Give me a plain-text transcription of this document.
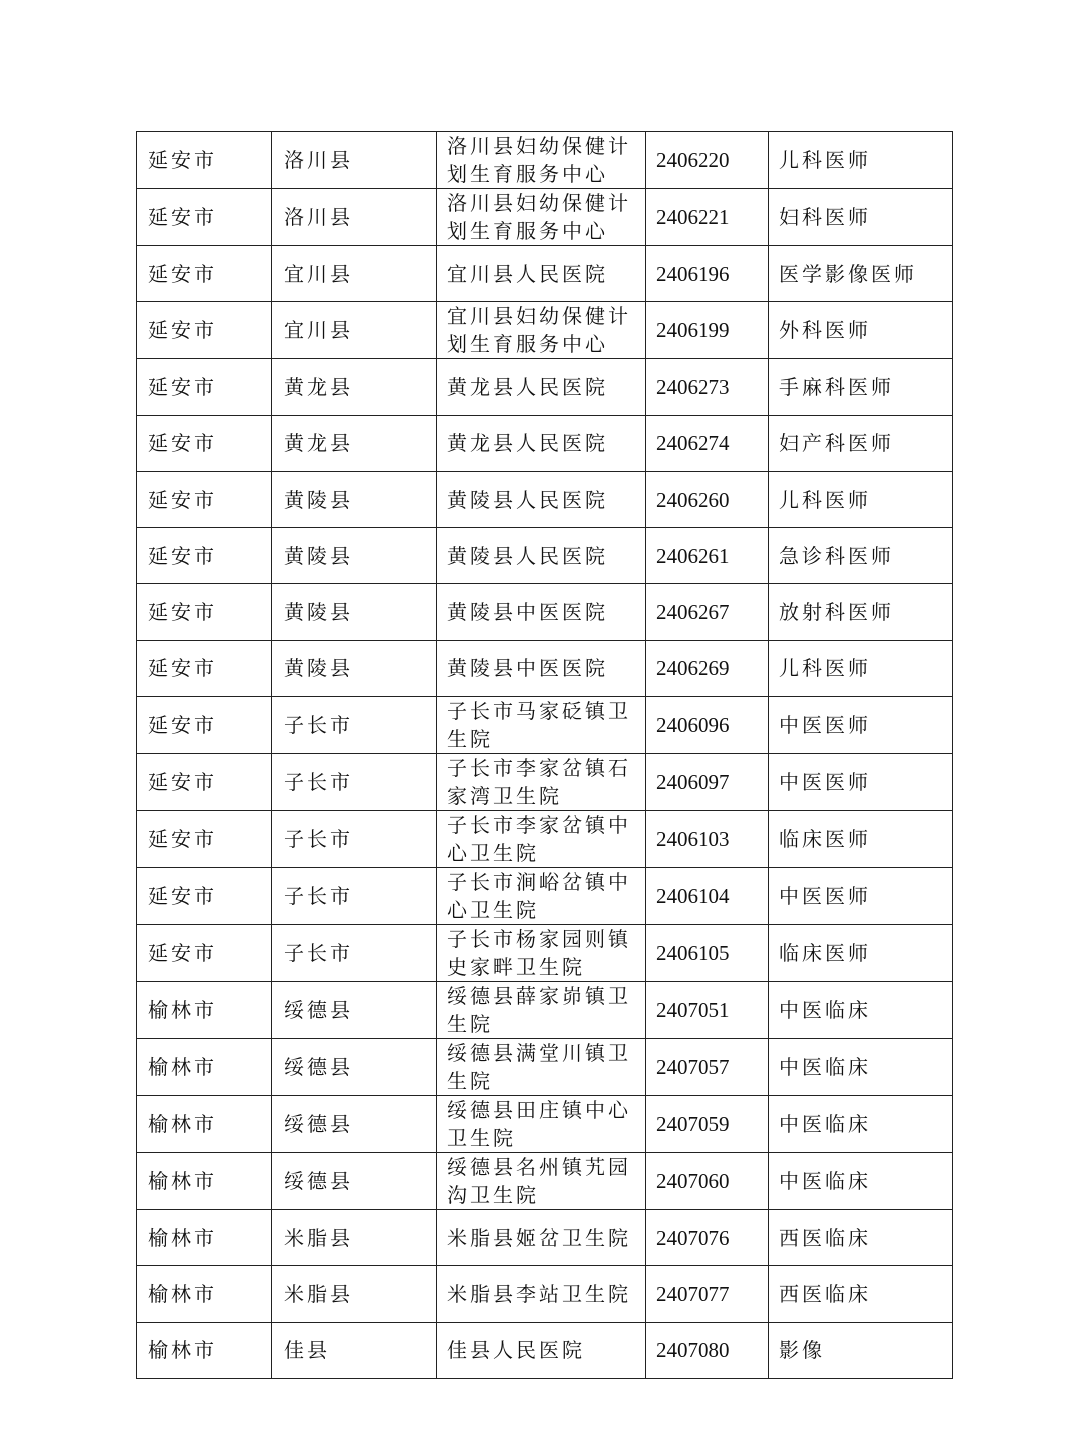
延安市	洛川县	洛川县妇幼保健计划生育服务中心	2406220	儿科医师
延安市	洛川县	洛川县妇幼保健计划生育服务中心	2406221	妇科医师
延安市	宜川县	宜川县人民医院	2406196	医学影像医师
延安市	宜川县	宜川县妇幼保健计划生育服务中心	2406199	外科医师
延安市	黄龙县	黄龙县人民医院	2406273	手麻科医师
延安市	黄龙县	黄龙县人民医院	2406274	妇产科医师
延安市	黄陵县	黄陵县人民医院	2406260	儿科医师
延安市	黄陵县	黄陵县人民医院	2406261	急诊科医师
延安市	黄陵县	黄陵县中医医院	2406267	放射科医师
延安市	黄陵县	黄陵县中医医院	2406269	儿科医师
延安市	子长市	子长市马家砭镇卫生院	2406096	中医医师
延安市	子长市	子长市李家岔镇石家湾卫生院	2406097	中医医师
延安市	子长市	子长市李家岔镇中心卫生院	2406103	临床医师
延安市	子长市	子长市涧峪岔镇中心卫生院	2406104	中医医师
延安市	子长市	子长市杨家园则镇史家畔卫生院	2406105	临床医师
榆林市	绥德县	绥德县薛家峁镇卫生院	2407051	中医临床
榆林市	绥德县	绥德县满堂川镇卫生院	2407057	中医临床
榆林市	绥德县	绥德县田庄镇中心卫生院	2407059	中医临床
榆林市	绥德县	绥德县名州镇艽园沟卫生院	2407060	中医临床
榆林市	米脂县	米脂县姬岔卫生院	2407076	西医临床
榆林市	米脂县	米脂县李站卫生院	2407077	西医临床
榆林市	佳县	佳县人民医院	2407080	影像
